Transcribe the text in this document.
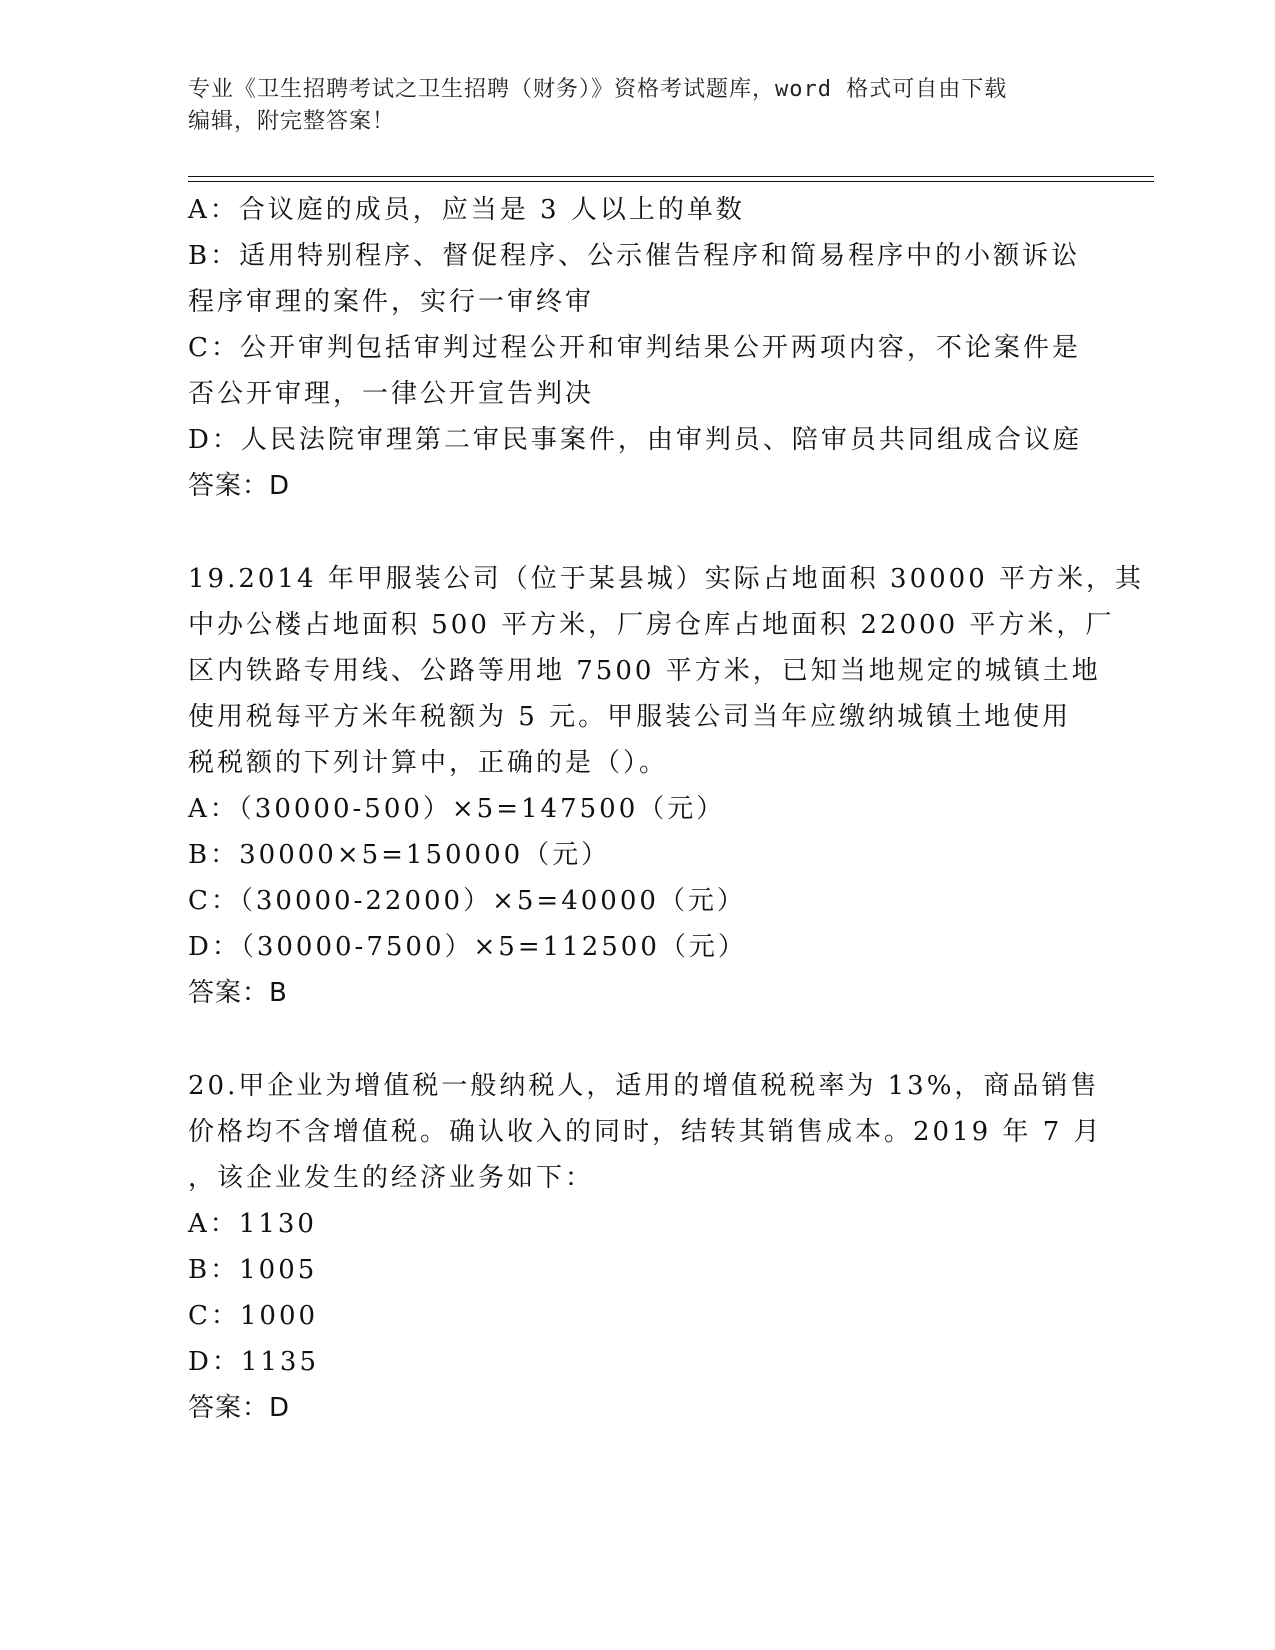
专业《卫生招聘考试之卫生招聘（财务）》资格考试题库，word 格式可自由下载
编辑，附完整答案！
A：合议庭的成员，应当是 3 人以上的单数
B：适用特别程序、督促程序、公示催告程序和简易程序中的小额诉讼
程序审理的案件，实行一审终审
C：公开审判包括审判过程公开和审判结果公开两项内容，不论案件是
否公开审理，一律公开宣告判决
D：人民法院审理第二审民事案件，由审判员、陪审员共同组成合议庭
答案：D
19.2014 年甲服装公司（位于某县城）实际占地面积 30000 平方米，其
中办公楼占地面积 500 平方米，厂房仓库占地面积 22000 平方米，厂
区内铁路专用线、公路等用地 7500 平方米，已知当地规定的城镇土地
使用税每平方米年税额为 5 元。甲服装公司当年应缴纳城镇土地使用
税税额的下列计算中，正确的是（）。
A：（30000-500）×5=147500（元）
B：30000×5=150000（元）
C：（30000-22000）×5=40000（元）
D：（30000-7500）×5=112500（元）
答案：B
20.甲企业为增值税一般纳税人，适用的增值税税率为 13%，商品销售
价格均不含增值税。确认收入的同时，结转其销售成本。2019 年 7 月
，该企业发生的经济业务如下：
A：1130
B：1005
C：1000
D：1135
答案：D
